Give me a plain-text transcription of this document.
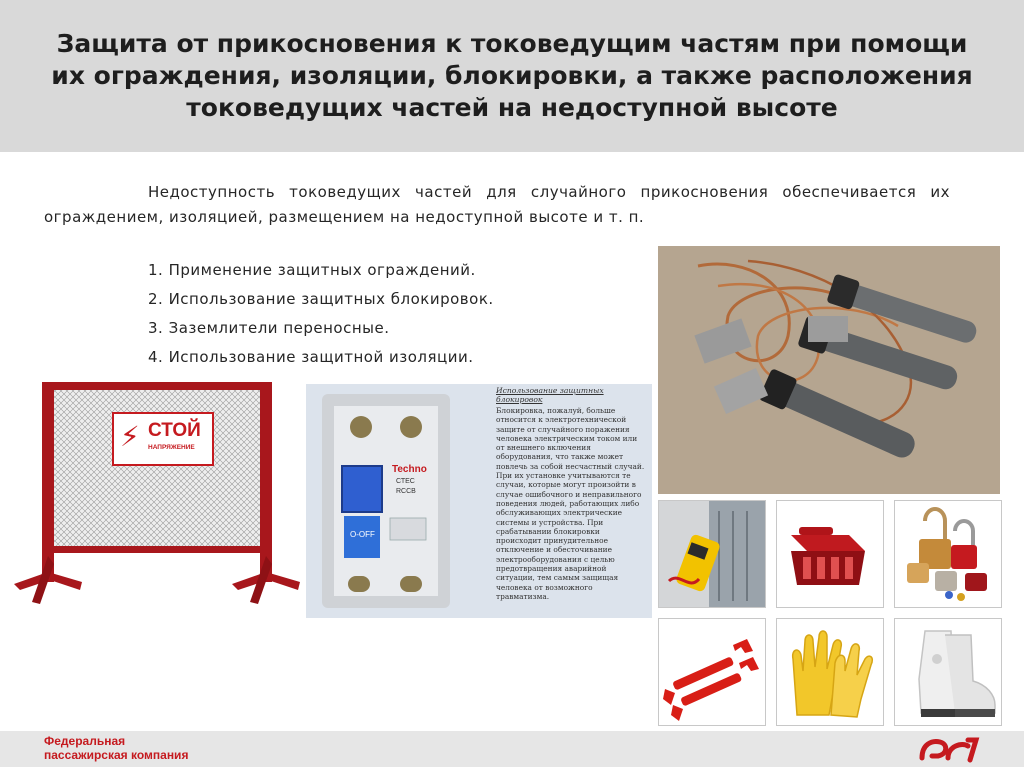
Защита от прикосновения к токоведущим частям при помощи их ограждения, изоляции, блокировки, а также расположения токоведущих частей на недоступной высоте

Недоступность токоведущих частей для случайного прикосновения обеспечивается их ограждением, изоляцией, размещением на недоступной высоте и т. п.

1. Применение защитных ограждений.
2. Использование защитных блокировок.
3. Заземлители переносные.
4. Использование защитной изоляции.
⚡ СТОЙ
НАПРЯЖЕНИЕ
Techno
СТЕС
RCCB
O-OFF
Использование защитных блокировок
Блокировка, пожалуй, больше относится к электротехнической защите от случайного поражения человека электрическим током или от внешнего включения оборудования, что также может повлечь за собой несчастный случай. При их установке учитываются те случаи, которые могут произойти в случае ошибочного и неправильного поведения людей, работающих либо обслуживающих электрические системы и устройства. При срабатывании блокировки происходит принудительное отключение и обесточивание электрооборудования с целью предотвращения аварийной ситуации, тем самым защищая человека от возможного травматизма.
Федеральная
пассажирская компания
